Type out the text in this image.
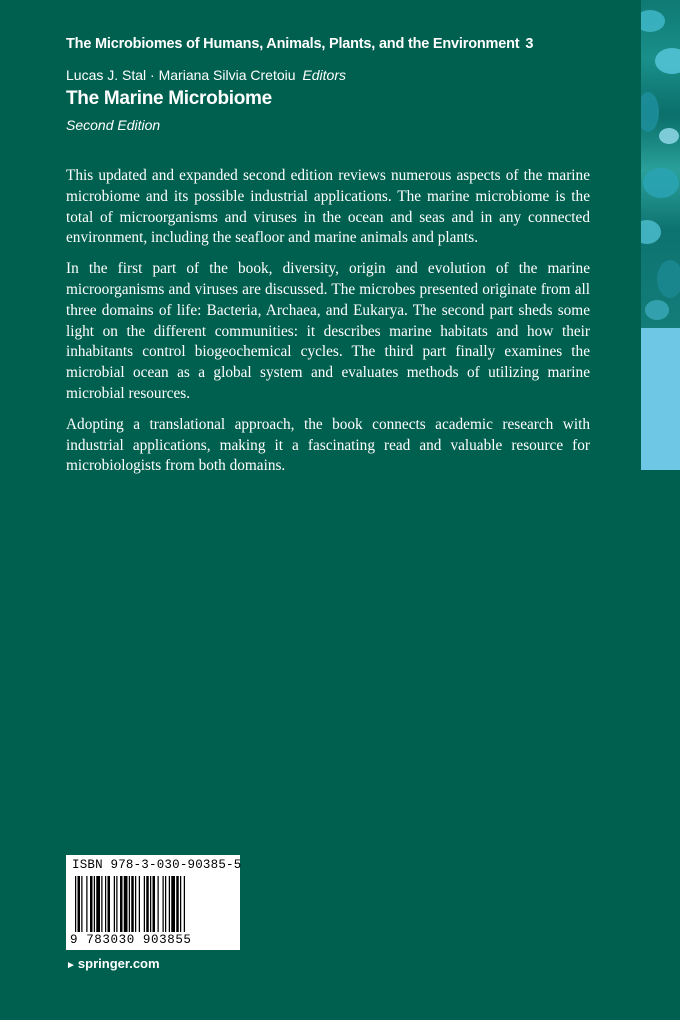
The Microbiomes of Humans, Animals, Plants, and the Environment 3
Lucas J. Stal · Mariana Silvia Cretoiu Editors
The Marine Microbiome
Second Edition

This updated and expanded second edition reviews numerous aspects of the marine microbiome and its possible industrial applications. The marine microbiome is the total of microorganisms and viruses in the ocean and seas and in any connected environment, including the seafloor and marine animals and plants.

In the first part of the book, diversity, origin and evolution of the marine microorganisms and viruses are discussed. The microbes presented originate from all three domains of life: Bacteria, Archaea, and Eukarya. The second part sheds some light on the different communities: it describes marine habitats and how their inhabitants control biogeochemical cycles. The third part finally examines the microbial ocean as a global system and evaluates methods of utilizing marine microbial resources.

Adopting a translational approach, the book connects academic research with industrial applications, making it a fascinating read and valuable resource for microbiologists from both domains.

ISBN 978-3-030-90385-5
9 783030 903855
► springer.com
